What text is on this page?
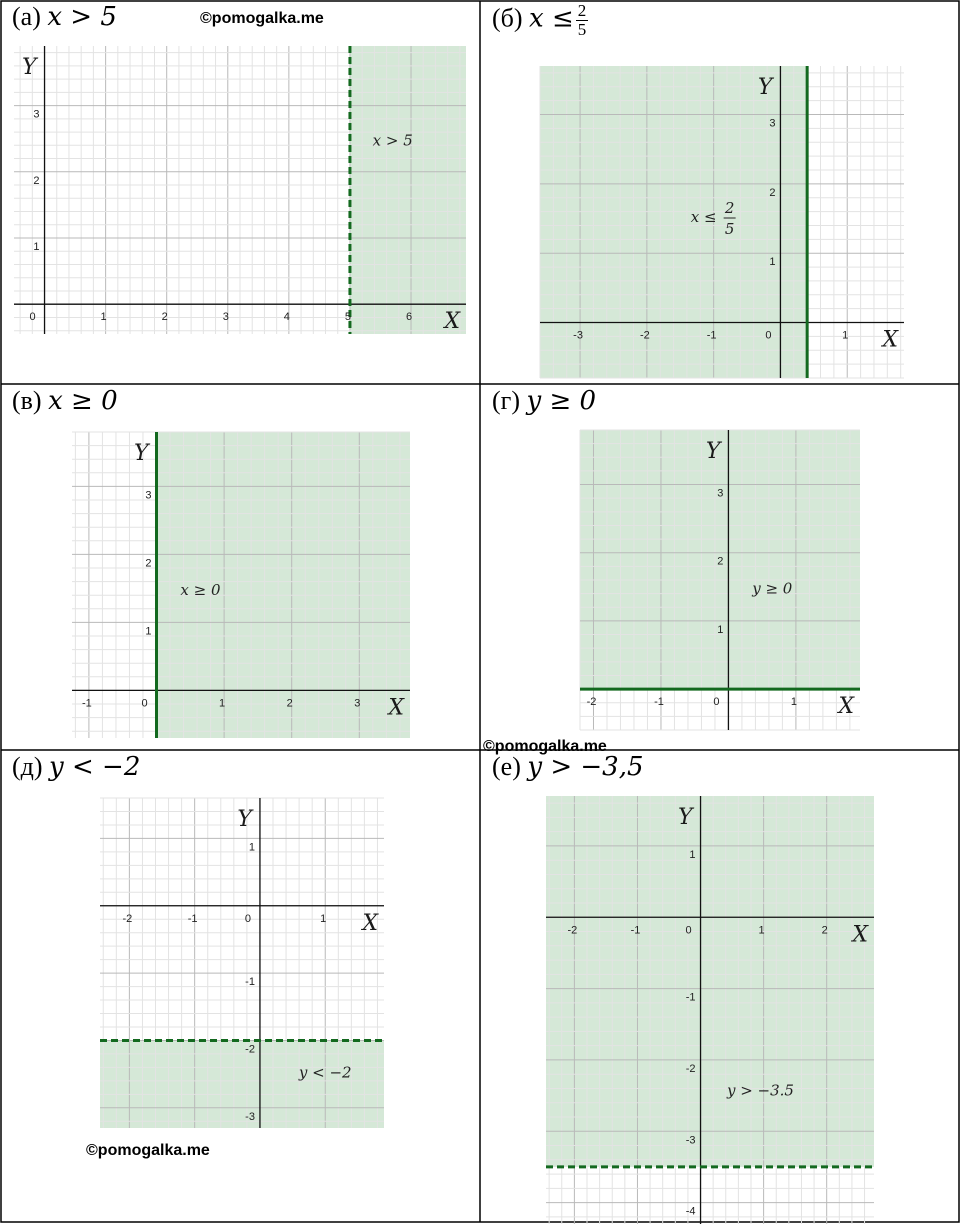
(а) x > 5
0	1	2	3	4	5	6
1
2
3
X
Y
x > 5
(б) $x \le \frac{2}{5}$
-3	-2	-1	0	1
1
2
3
X
Y
x ≤ 2
5
(в) x ≥ 0
-1	0	1	2	3
1
2
3
X
Y
x ≥ 0
(г) y ≥ 0
-2	-1	0	1
1
2
3
X
Y
y ≥ 0
(д) y < −2
-2	-1	0	1
1
-1
-2
-3
X
Y
y < −2
(е) y > −3,5
-2	-1	0	1	2
1
-1
-2
-3
-4
X
Y
y > −3.5
©pomogalka.me
©pomogalka.me
©pomogalka.me
